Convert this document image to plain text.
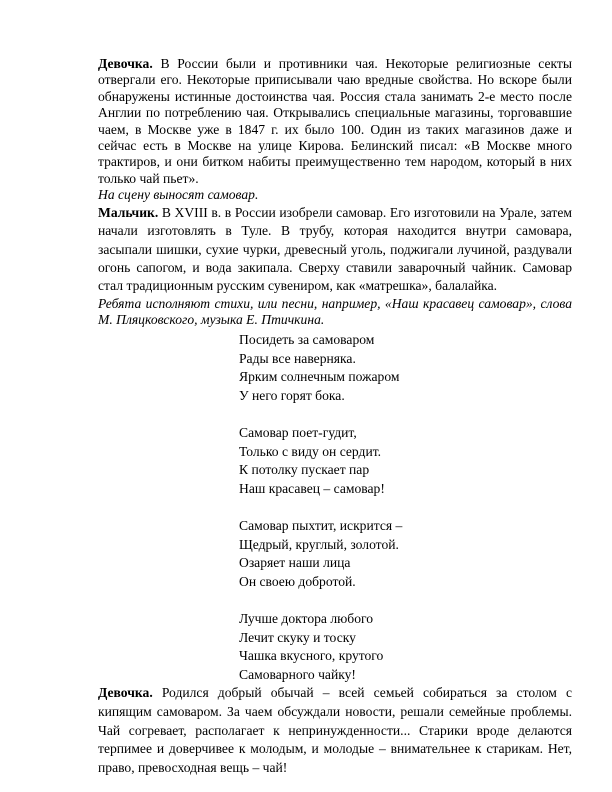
Девочка. В России были и противники чая. Некоторые религиозные секты отвергали его. Некоторые приписывали чаю вредные свойства. Но вскоре были обнаружены истинные достоинства чая. Россия стала занимать 2-е место после Англии по потреблению чая. Открывались специальные магазины, торговавшие чаем, в Москве уже в 1847 г. их было 100. Один из таких магазинов даже и сейчас есть в Москве на улице Кирова. Белинский писал: «В Москве много трактиров, и они битком набиты преимущественно тем народом, который в них только чай пьет».

На сцену выносят самовар.

Мальчик. В XVIII в. в России изобрели самовар. Его изготовили на Урале, затем начали изготовлять в Туле. В трубу, которая находится внутри самовара, засыпали шишки, сухие чурки, древесный уголь, поджигали лучиной, раздували огонь сапогом, и вода закипала. Сверху ставили заварочный чайник. Самовар стал традиционным русским сувениром, как «матрешка», балалайка.

Ребята исполняют стихи, или песни, например, «Наш красавец самовар», слова М. Пляцковского, музыка Е. Птичкина.

Посидеть за самоваром
Рады все наверняка.
Ярким солнечным пожаром
У него горят бока.
Самовар поет-гудит,
Только с виду он сердит.
К потолку пускает пар
Наш красавец – самовар!
Самовар пыхтит, искрится –
Щедрый, круглый, золотой.
Озаряет наши лица
Он своею добротой.
Лучше доктора любого
Лечит скуку и тоску
Чашка вкусного, крутого
Самоварного чайку!

Девочка. Родился добрый обычай – всей семьей собираться за столом с кипящим самоваром. За чаем обсуждали новости, решали семейные проблемы. Чай согревает, располагает к непринужденности... Старики вроде делаются терпимее и доверчивее к молодым, и молодые – внимательнее к старикам. Нет, право, превосходная вещь – чай!
